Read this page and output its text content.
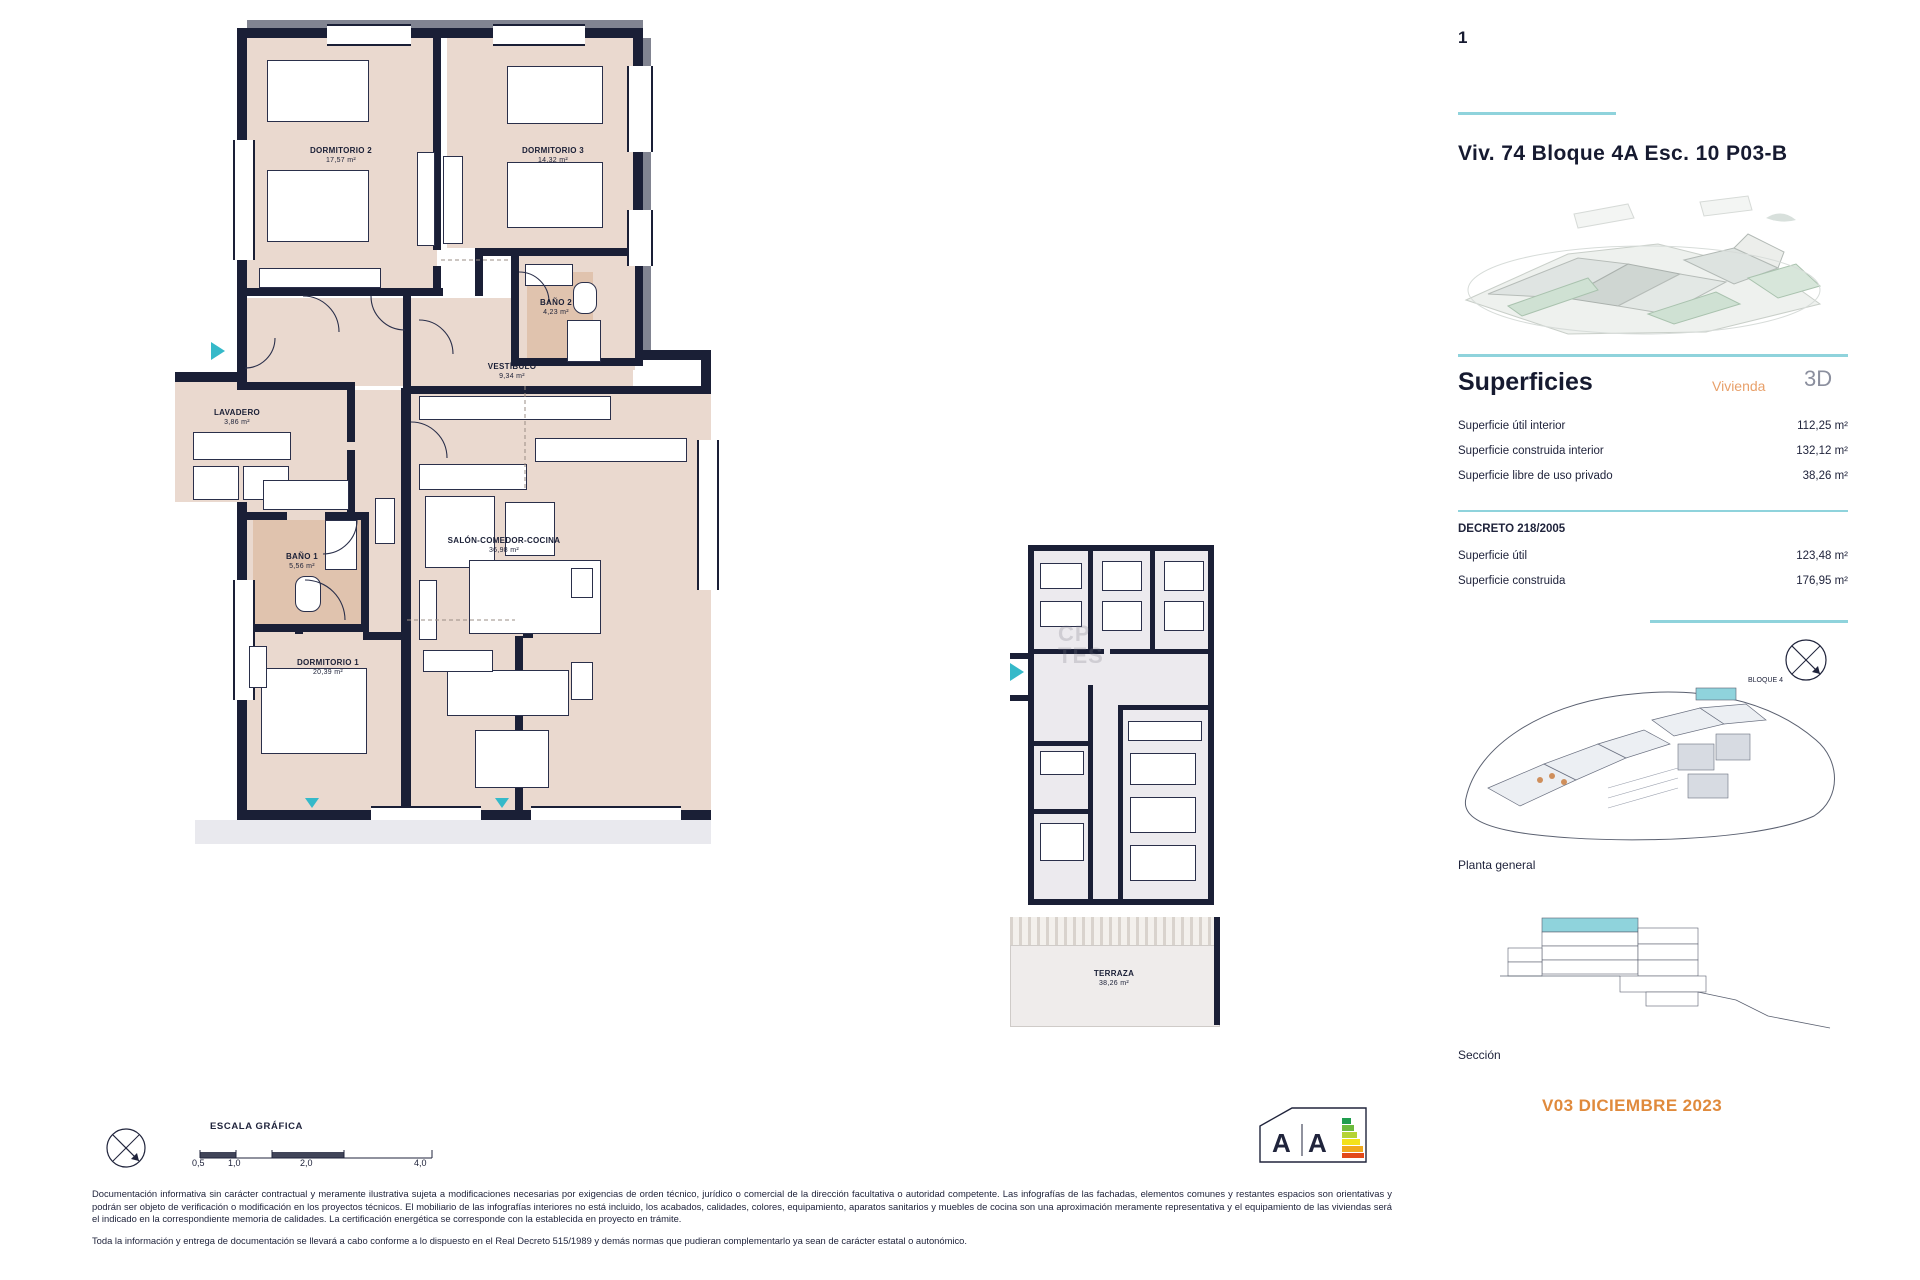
DORMITORIO 2
17,57 m²
DORMITORIO 3
14,32 m²
BAÑO 2
4,23 m²
VESTÍBULO
9,34 m²
LAVADERO
3,86 m²
BAÑO 1
5,56 m²
DORMITORIO 1
20,39 m²
SALÓN-COMEDOR-COCINA
36,98 m²
CP TES
TERRAZA
38,26 m²
1
Viv. 74 Bloque 4A Esc. 10 P03-B
Superficies	Vivienda 3D
Superficie útil interior	112,25 m²
Superficie construida interior	132,12 m²
Superficie libre de uso privado	38,26 m²
DECRETO 218/2005
Superficie útil	123,48 m²
Superficie construida	176,95 m²
BLOQUE 4
Planta general
Sección
V03 DICIEMBRE 2023
ESCALA GRÁFICA
0,5	1,0	2,0	4,0
A A

Documentación informativa sin carácter contractual y meramente ilustrativa sujeta a modificaciones necesarias por exigencias de orden técnico, jurídico o comercial de la dirección facultativa o autoridad competente. Las infografías de las fachadas, elementos comunes y restantes espacios son orientativas y podrán ser objeto de verificación o modificación en los proyectos técnicos. El mobiliario de las infografías interiores no está incluido, los acabados, calidades, colores, equipamiento, aparatos sanitarios y muebles de cocina son una aproximación meramente representativa y el equipamiento de las viviendas será el indicado en la correspondiente memoria de calidades. La certificación energética se corresponde con la establecida en proyecto en trámite.

Toda la información y entrega de documentación se llevará a cabo conforme a lo dispuesto en el Real Decreto 515/1989 y demás normas que pudieran complementarlo ya sean de carácter estatal o autonómico.
